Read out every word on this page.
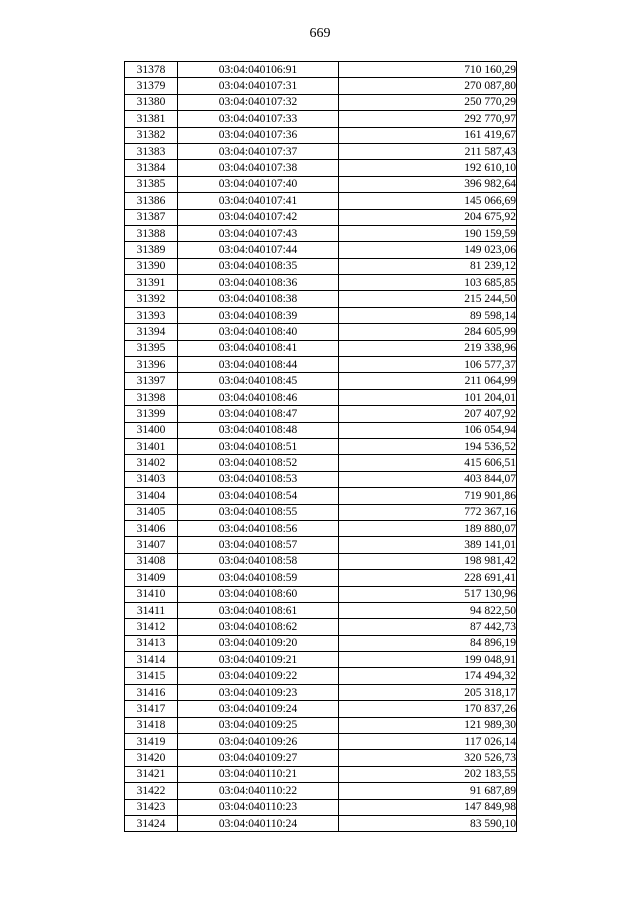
669
31378	03:04:040106:91	710 160,29
31379	03:04:040107:31	270 087,80
31380	03:04:040107:32	250 770,29
31381	03:04:040107:33	292 770,97
31382	03:04:040107:36	161 419,67
31383	03:04:040107:37	211 587,43
31384	03:04:040107:38	192 610,10
31385	03:04:040107:40	396 982,64
31386	03:04:040107:41	145 066,69
31387	03:04:040107:42	204 675,92
31388	03:04:040107:43	190 159,59
31389	03:04:040107:44	149 023,06
31390	03:04:040108:35	81 239,12
31391	03:04:040108:36	103 685,85
31392	03:04:040108:38	215 244,50
31393	03:04:040108:39	89 598,14
31394	03:04:040108:40	284 605,99
31395	03:04:040108:41	219 338,96
31396	03:04:040108:44	106 577,37
31397	03:04:040108:45	211 064,99
31398	03:04:040108:46	101 204,01
31399	03:04:040108:47	207 407,92
31400	03:04:040108:48	106 054,94
31401	03:04:040108:51	194 536,52
31402	03:04:040108:52	415 606,51
31403	03:04:040108:53	403 844,07
31404	03:04:040108:54	719 901,86
31405	03:04:040108:55	772 367,16
31406	03:04:040108:56	189 880,07
31407	03:04:040108:57	389 141,01
31408	03:04:040108:58	198 981,42
31409	03:04:040108:59	228 691,41
31410	03:04:040108:60	517 130,96
31411	03:04:040108:61	94 822,50
31412	03:04:040108:62	87 442,73
31413	03:04:040109:20	84 896,19
31414	03:04:040109:21	199 048,91
31415	03:04:040109:22	174 494,32
31416	03:04:040109:23	205 318,17
31417	03:04:040109:24	170 837,26
31418	03:04:040109:25	121 989,30
31419	03:04:040109:26	117 026,14
31420	03:04:040109:27	320 526,73
31421	03:04:040110:21	202 183,55
31422	03:04:040110:22	91 687,89
31423	03:04:040110:23	147 849,98
31424	03:04:040110:24	83 590,10
